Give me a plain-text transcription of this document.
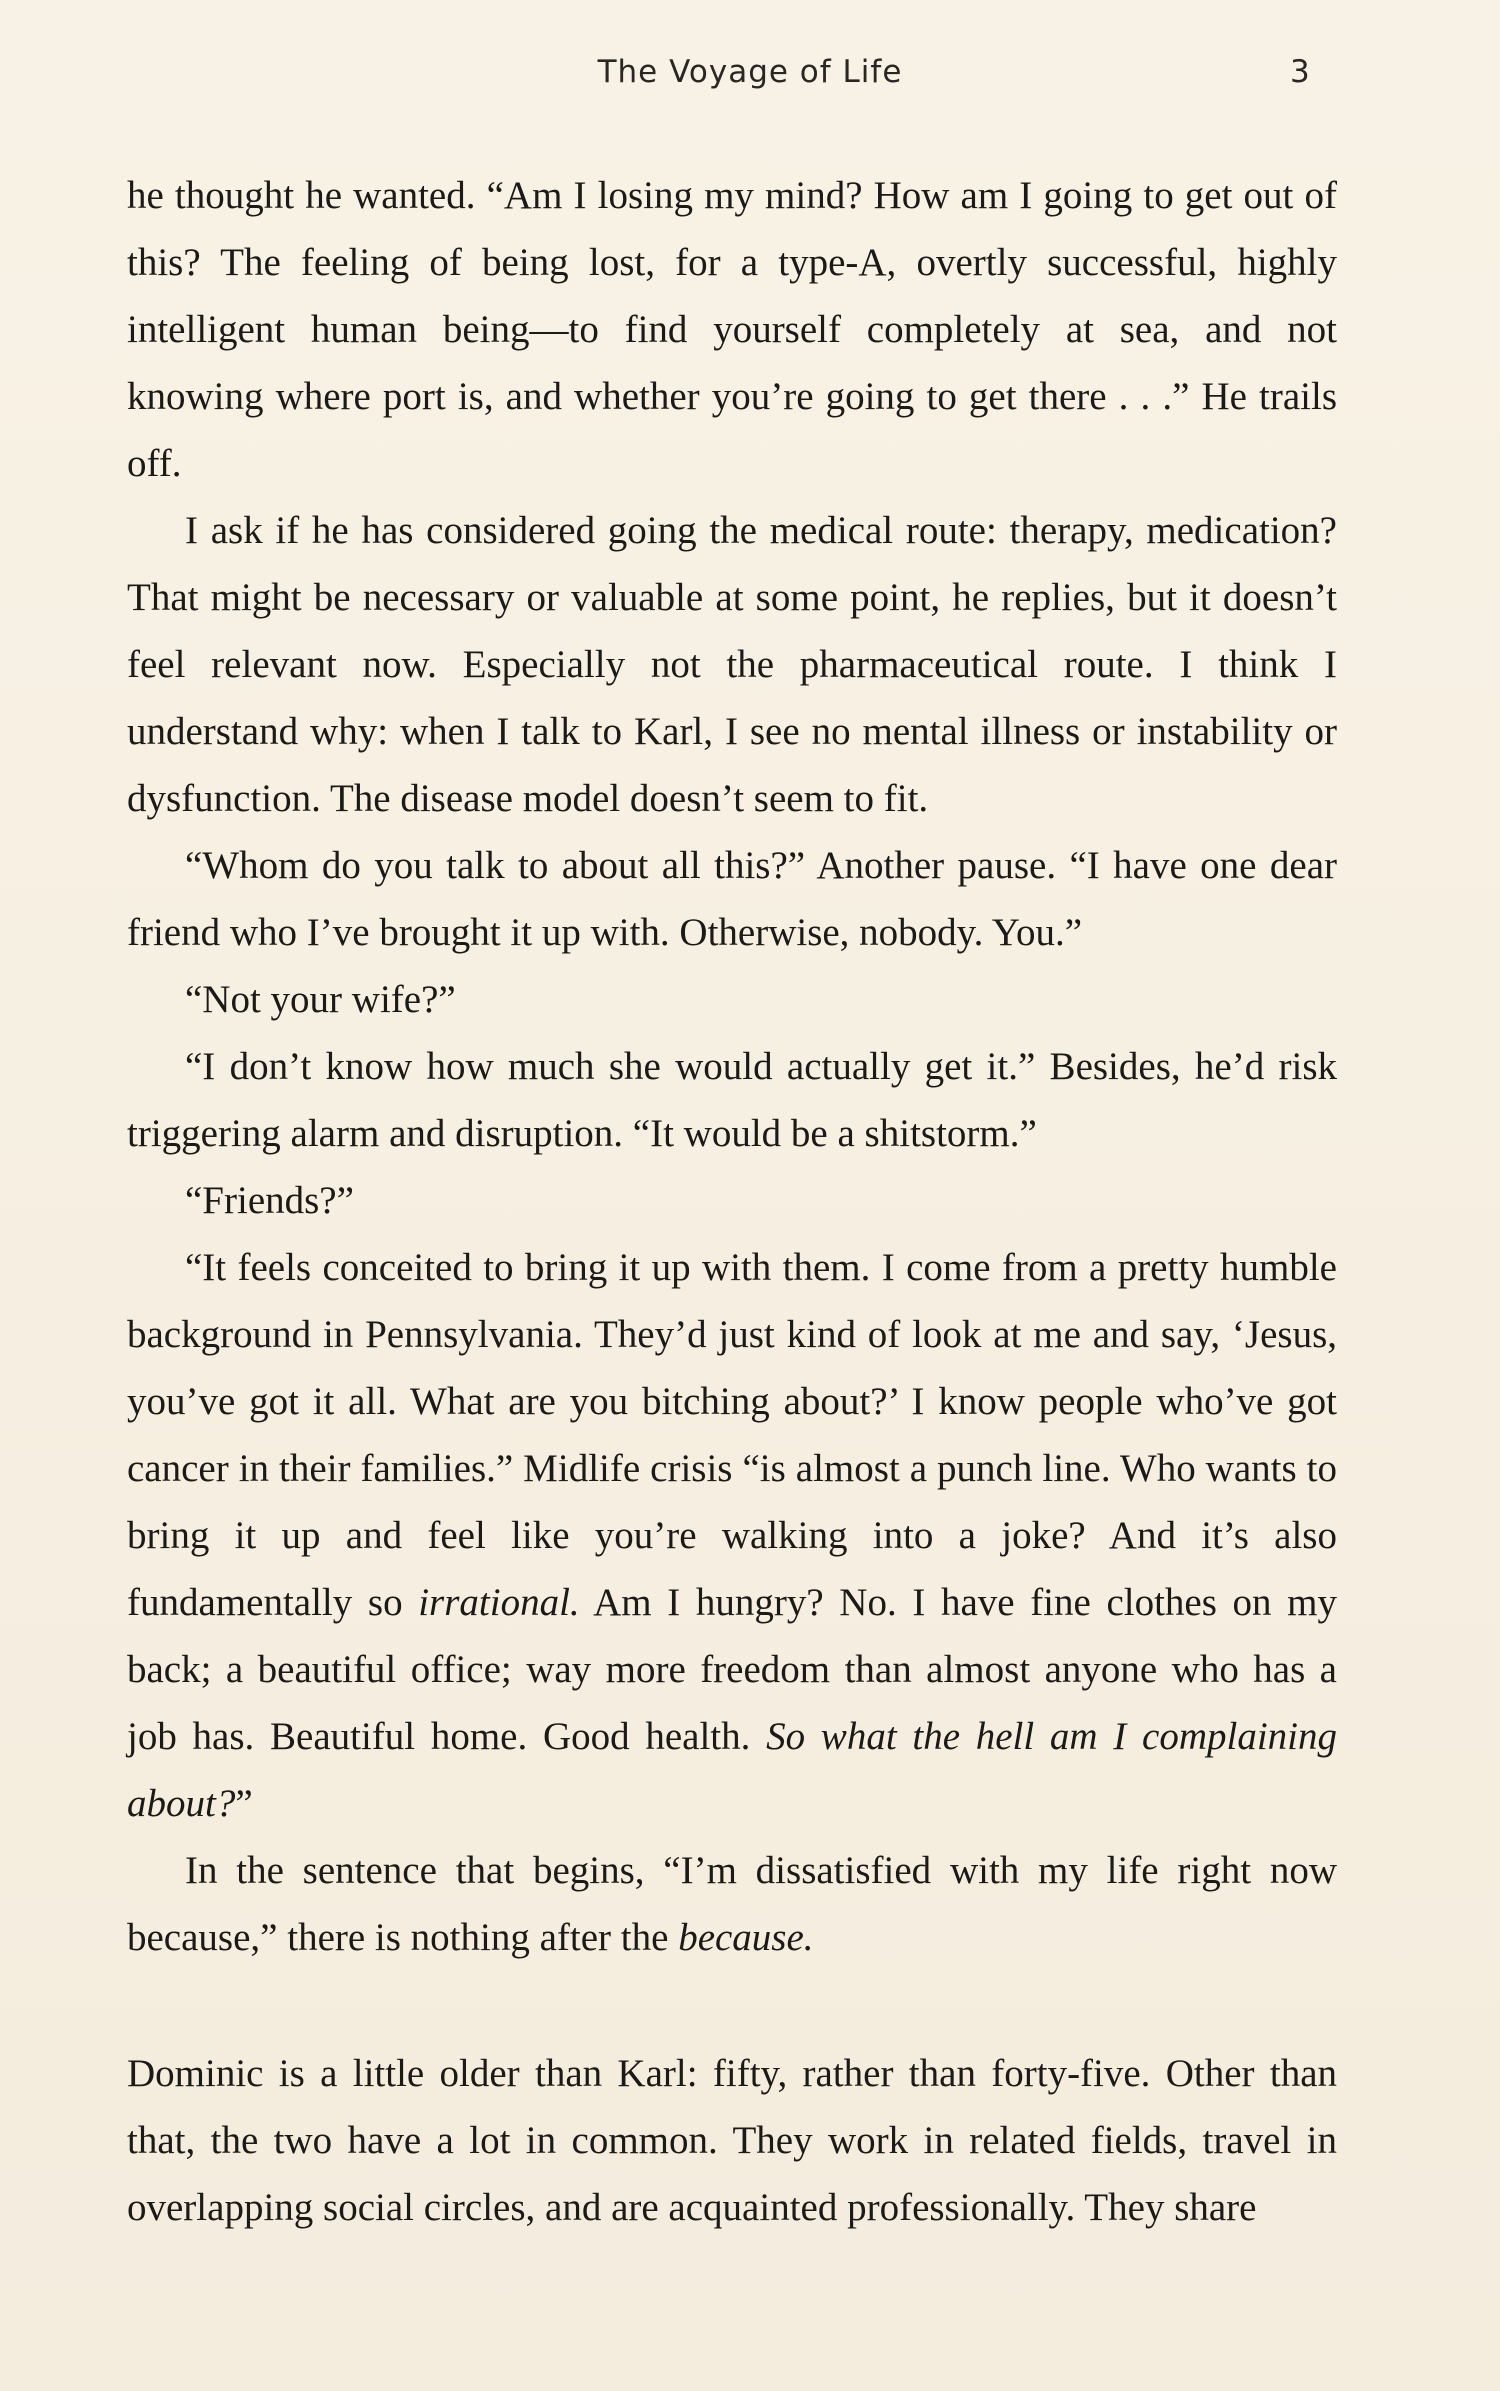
The Voyage of Life	3

he thought he wanted. “Am I losing my mind? How am I going to get out of this? The feeling of being lost, for a type-A, overtly successful, highly intelligent human being—to find yourself completely at sea, and not knowing where port is, and whether you’re going to get there . . .” He trails off.

I ask if he has considered going the medical route: therapy, medication? That might be necessary or valuable at some point, he replies, but it doesn’t feel relevant now. Especially not the pharmaceutical route. I think I understand why: when I talk to Karl, I see no mental illness or instability or dysfunction. The disease model doesn’t seem to fit.

“Whom do you talk to about all this?” Another pause. “I have one dear friend who I’ve brought it up with. Otherwise, nobody. You.”

“Not your wife?”

“I don’t know how much she would actually get it.” Besides, he’d risk triggering alarm and disruption. “It would be a shitstorm.”

“Friends?”

“It feels conceited to bring it up with them. I come from a pretty humble background in Pennsylvania. They’d just kind of look at me and say, ‘Jesus, you’ve got it all. What are you bitching about?’ I know people who’ve got cancer in their families.” Midlife crisis “is almost a punch line. Who wants to bring it up and feel like you’re walking into a joke? And it’s also fundamentally so irrational. Am I hungry? No. I have fine clothes on my back; a beautiful office; way more freedom than almost anyone who has a job has. Beautiful home. Good health. So what the hell am I complaining about?”

In the sentence that begins, “I’m dissatisfied with my life right now because,” there is nothing after the because.

Dominic is a little older than Karl: fifty, rather than forty-five. Other than that, the two have a lot in common. They work in related fields, travel in overlapping social circles, and are acquainted professionally. They share
